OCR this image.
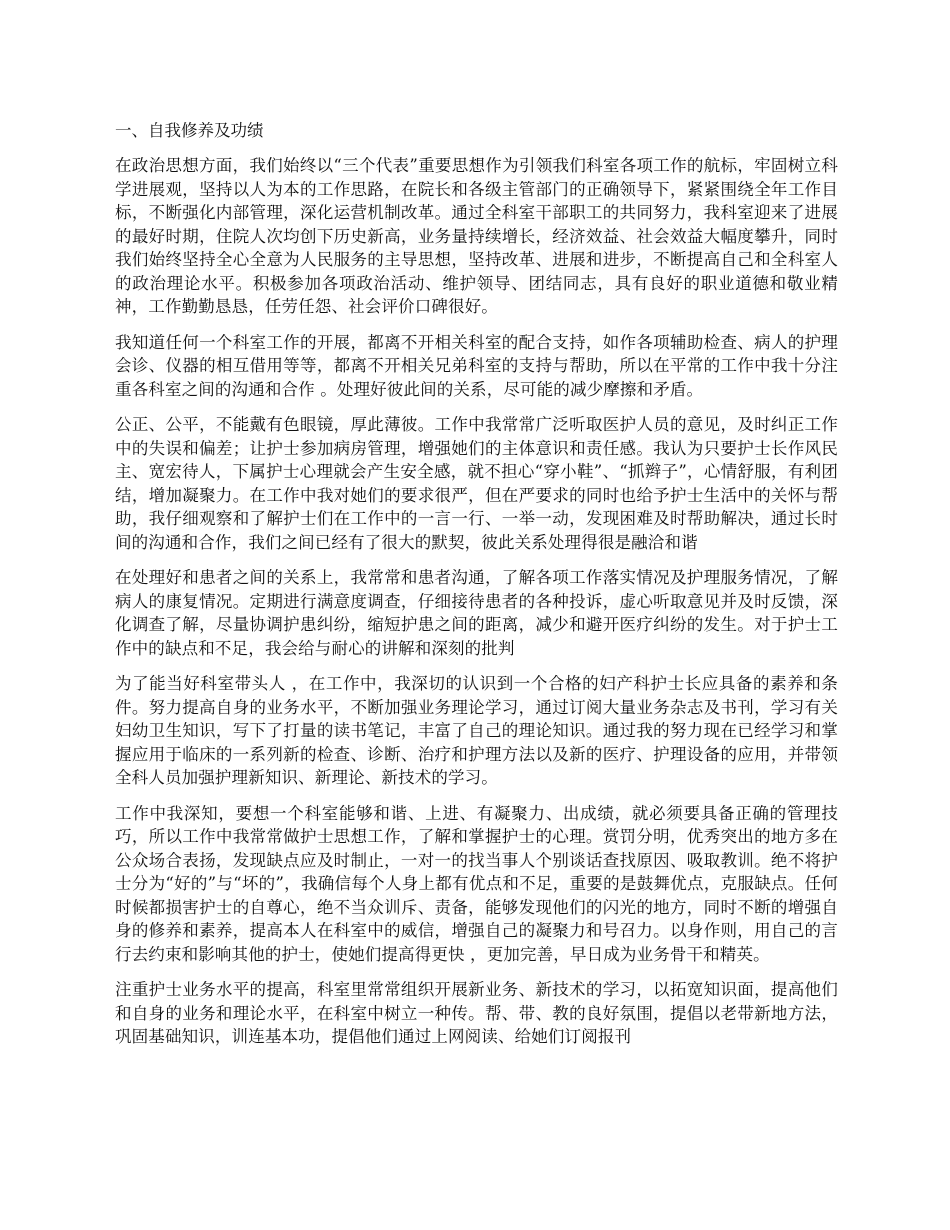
一、自我修养及功绩

在政治思想方面，我们始终以“三个代表”重要思想作为引领我们科室各项工作的航标，牢固树立科学进展观，坚持以人为本的工作思路，在院长和各级主管部门的正确领导下，紧紧围绕全年工作目标，不断强化内部管理，深化运营机制改革。通过全科室干部职工的共同努力，我科室迎来了进展的最好时期，住院人次均创下历史新高，业务量持续增长，经济效益、社会效益大幅度攀升，同时我们始终坚持全心全意为人民服务的主导思想，坚持改革、进展和进步，不断提高自己和全科室人的政治理论水平。积极参加各项政治活动、维护领导、团结同志，具有良好的职业道德和敬业精神，工作勤勤恳恳，任劳任怨、社会评价口碑很好。

我知道任何一个科室工作的开展，都离不开相关科室的配合支持，如作各项辅助检查、病人的护理会诊、仪器的相互借用等等，都离不开相关兄弟科室的支持与帮助，所以在平常的工作中我十分注重各科室之间的沟通和合作 。处理好彼此间的关系，尽可能的减少摩擦和矛盾。

公正、公平，不能戴有色眼镜，厚此薄彼。工作中我常常广泛听取医护人员的意见，及时纠正工作中的失误和偏差；让护士参加病房管理，增强她们的主体意识和责任感。我认为只要护士长作风民主、宽宏待人，下属护士心理就会产生安全感，就不担心“穿小鞋”、“抓辫子”，心情舒服，有利团结，增加凝聚力。在工作中我对她们的要求很严，但在严要求的同时也给予护士生活中的关怀与帮助，我仔细观察和了解护士们在工作中的一言一行、一举一动，发现困难及时帮助解决，通过长时间的沟通和合作，我们之间已经有了很大的默契，彼此关系处理得很是融洽和谐

在处理好和患者之间的关系上，我常常和患者沟通，了解各项工作落实情况及护理服务情况，了解病人的康复情况。定期进行满意度调查，仔细接待患者的各种投诉，虚心听取意见并及时反馈，深化调查了解，尽量协调护患纠纷，缩短护患之间的距离，减少和避开医疗纠纷的发生。对于护士工作中的缺点和不足，我会给与耐心的讲解和深刻的批判

为了能当好科室带头人 ，在工作中，我深切的认识到一个合格的妇产科护士长应具备的素养和条件。努力提高自身的业务水平，不断加强业务理论学习，通过订阅大量业务杂志及书刊，学习有关妇幼卫生知识，写下了打量的读书笔记，丰富了自己的理论知识。通过我的努力现在已经学习和掌握应用于临床的一系列新的检查、诊断、治疗和护理方法以及新的医疗、护理设备的应用，并带领全科人员加强护理新知识、新理论、新技术的学习。

工作中我深知，要想一个科室能够和谐、上进、有凝聚力、出成绩，就必须要具备正确的管理技巧，所以工作中我常常做护士思想工作，了解和掌握护士的心理。赏罚分明，优秀突出的地方多在公众场合表扬，发现缺点应及时制止，一对一的找当事人个别谈话查找原因、吸取教训。绝不将护士分为“好的”与“坏的”，我确信每个人身上都有优点和不足，重要的是鼓舞优点，克服缺点。任何时候都损害护士的自尊心，绝不当众训斥、责备，能够发现他们的闪光的地方，同时不断的增强自身的修养和素养，提高本人在科室中的威信，增强自己的凝聚力和号召力。以身作则，用自己的言行去约束和影响其他的护士，使她们提高得更快 ，更加完善，早日成为业务骨干和精英。

注重护士业务水平的提高，科室里常常组织开展新业务、新技术的学习，以拓宽知识面，提高他们和自身的业务和理论水平，在科室中树立一种传。帮、带、教的良好氛围，提倡以老带新地方法，巩固基础知识，训连基本功，提倡他们通过上网阅读、给她们订阅报刊
